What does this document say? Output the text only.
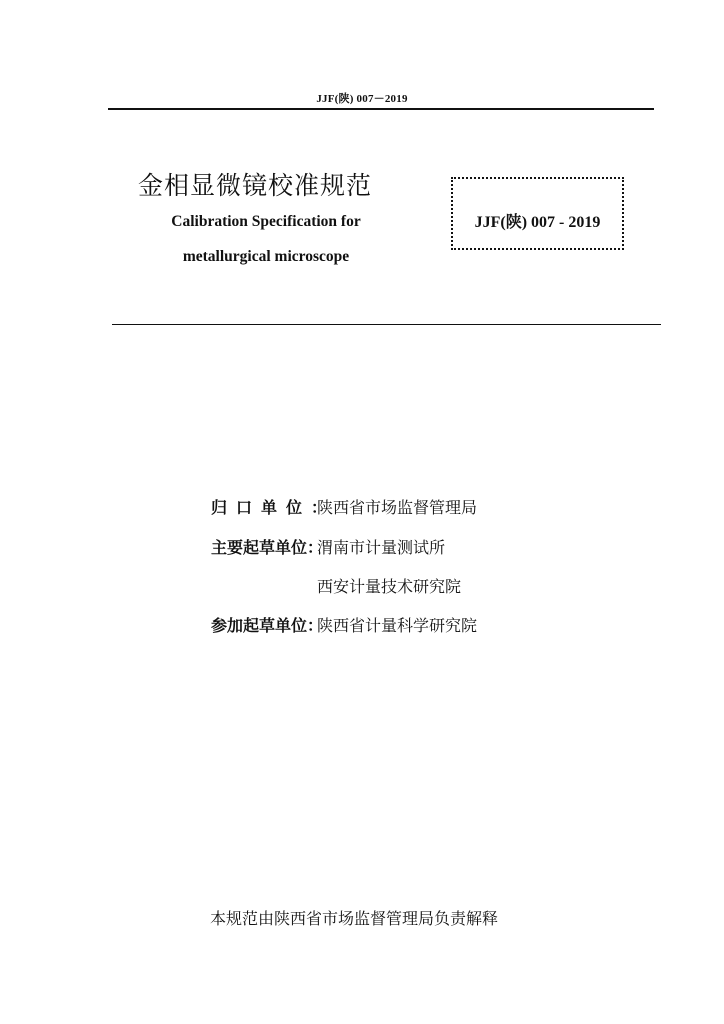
JJF(陕) 007－2019
金相显微镜校准规范
Calibration Specification for
metallurgical microscope
JJF(陕) 007 - 2019
归口单位：陕西省市场监督管理局
主要起草单位：渭南市计量测试所
西安计量技术研究院
参加起草单位：陕西省计量科学研究院
本规范由陕西省市场监督管理局负责解释
